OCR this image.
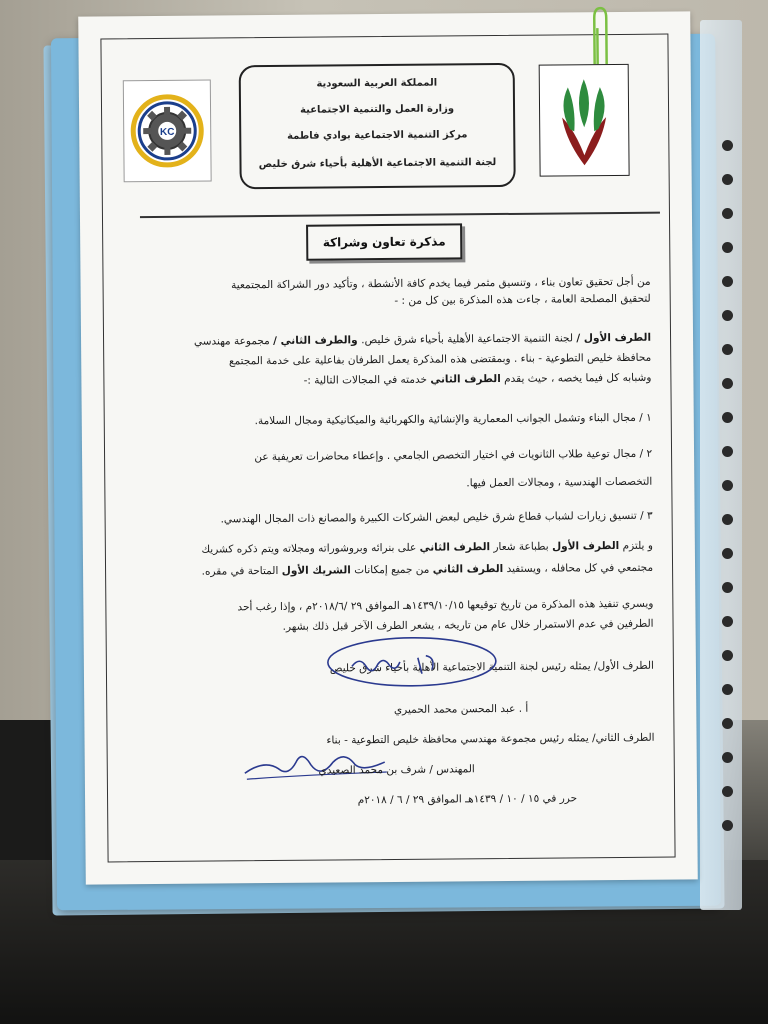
KC
المملكة العربية السعودية
وزارة العمل والتنمية الاجتماعية
مركز التنمية الاجتماعية بوادي فاطمة
لجنة التنمية الاجتماعية الأهلية بأحياء شرق خليص
مذكرة تعاون وشراكة
من أجل تحقيق تعاون بناء ، وتنسيق مثمر فيما يخدم كافة الأنشطة ، وتأكيد دور الشراكة المجتمعية
لتحقيق المصلحة العامة ، جاءت هذه المذكرة بين كل من : -
الطرف الأول / لجنة التنمية الاجتماعية الأهلية بأحياء شرق خليص. والطرف الثاني / مجموعة مهندسي
محافظة خليص التطوعية - بناء . وبمقتضى هذه المذكرة يعمل الطرفان بفاعلية على خدمة المجتمع
وشبابه كل فيما يخصه ، حيث يقدم الطرف الثاني خدمته في المجالات التالية :-
١ / مجال البناء وتشمل الجوانب المعمارية والإنشائية والكهربائية والميكانيكية ومجال السلامة.
٢ / مجال توعية طلاب الثانويات في اختيار التخصص الجامعي . وإعطاء محاضرات تعريفية عن
التخصصات الهندسية ، ومجالات العمل فيها.
٣ / تنسيق زيارات لشباب قطاع شرق خليص لبعض الشركات الكبيرة والمصانع ذات المجال الهندسي.
و يلتزم الطرف الأول بطباعة شعار الطرف الثاني على بنرائه وبروشوراته ومجلاته ويتم ذكره كشريك
مجتمعي في كل محافله ، ويستفيد الطرف الثاني من جميع إمكانات الشريك الأول المتاحة في مقره.
ويسري تنفيذ هذه المذكرة من تاريخ توقيعها ١٤٣٩/١٠/١٥هـ الموافق ٢٩ /٢٠١٨/٦م ، وإذا رغب أحد
الطرفين في عدم الاستمرار خلال عام من تاريخه ، يشعر الطرف الآخر قبل ذلك بشهر.
الطرف الأول/ يمثله رئيس لجنة التنمية الاجتماعية الأهلية بأحياء شرق خليص
أ . عبد المحسن محمد الحميري
الطرف الثاني/ يمثله رئيس مجموعة مهندسي محافظة خليص التطوعية - بناء
المهندس / شرف بن محمد الصعيدي
حرر في ١٥ / ١٠ / ١٤٣٩هـ الموافق ٢٩ / ٦ / ٢٠١٨م
